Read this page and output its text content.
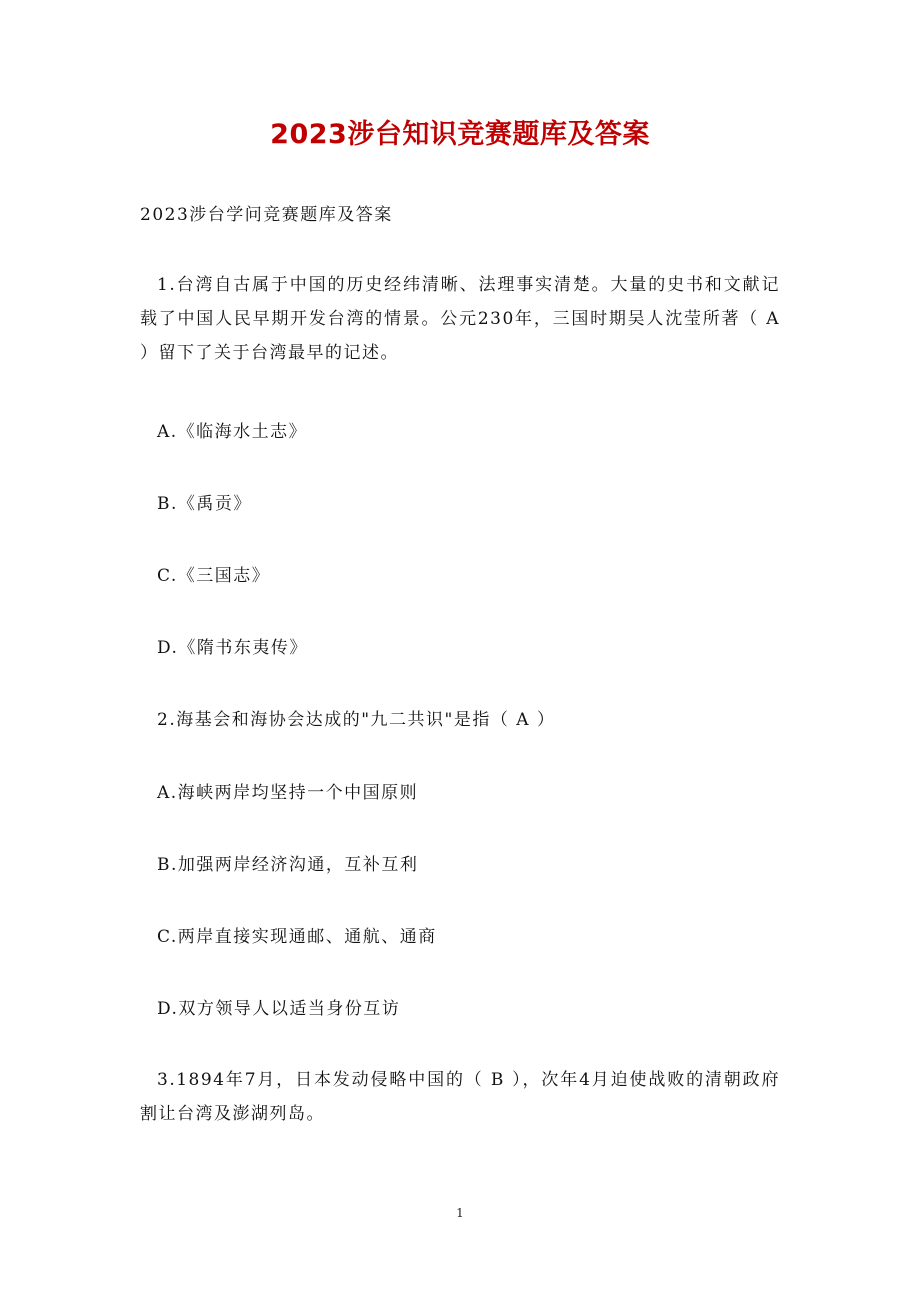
2023涉台知识竞赛题库及答案
2023涉台学问竞赛题库及答案
1.台湾自古属于中国的历史经纬清晰、法理事实清楚。大量的史书和文献记载了中国人民早期开发台湾的情景。公元230年，三国时期吴人沈莹所著（ A ）留下了关于台湾最早的记述。
A.《临海水土志》
B.《禹贡》
C.《三国志》
D.《隋书东夷传》
2.海基会和海协会达成的"九二共识"是指（ A ）
A.海峡两岸均坚持一个中国原则
B.加强两岸经济沟通，互补互利
C.两岸直接实现通邮、通航、通商
D.双方领导人以适当身份互访
3.1894年7月，日本发动侵略中国的（ B ），次年4月迫使战败的清朝政府割让台湾及澎湖列岛。
1
